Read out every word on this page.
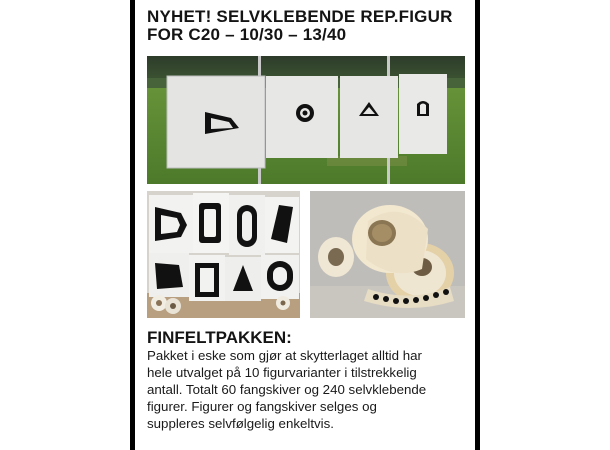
NYHET! SELVKLEBENDE REP.FIGUR
FOR C20 – 10/30 – 13/40
FINFELTPAKKEN:
Pakket i eske som gjør at skytterlaget alltid har
hele utvalget på 10 figurvarianter i tilstrekkelig
antall. Totalt 60 fangskiver og 240 selvklebende
figurer. Figurer og fangskiver selges og
suppleres selvfølgelig enkeltvis.
